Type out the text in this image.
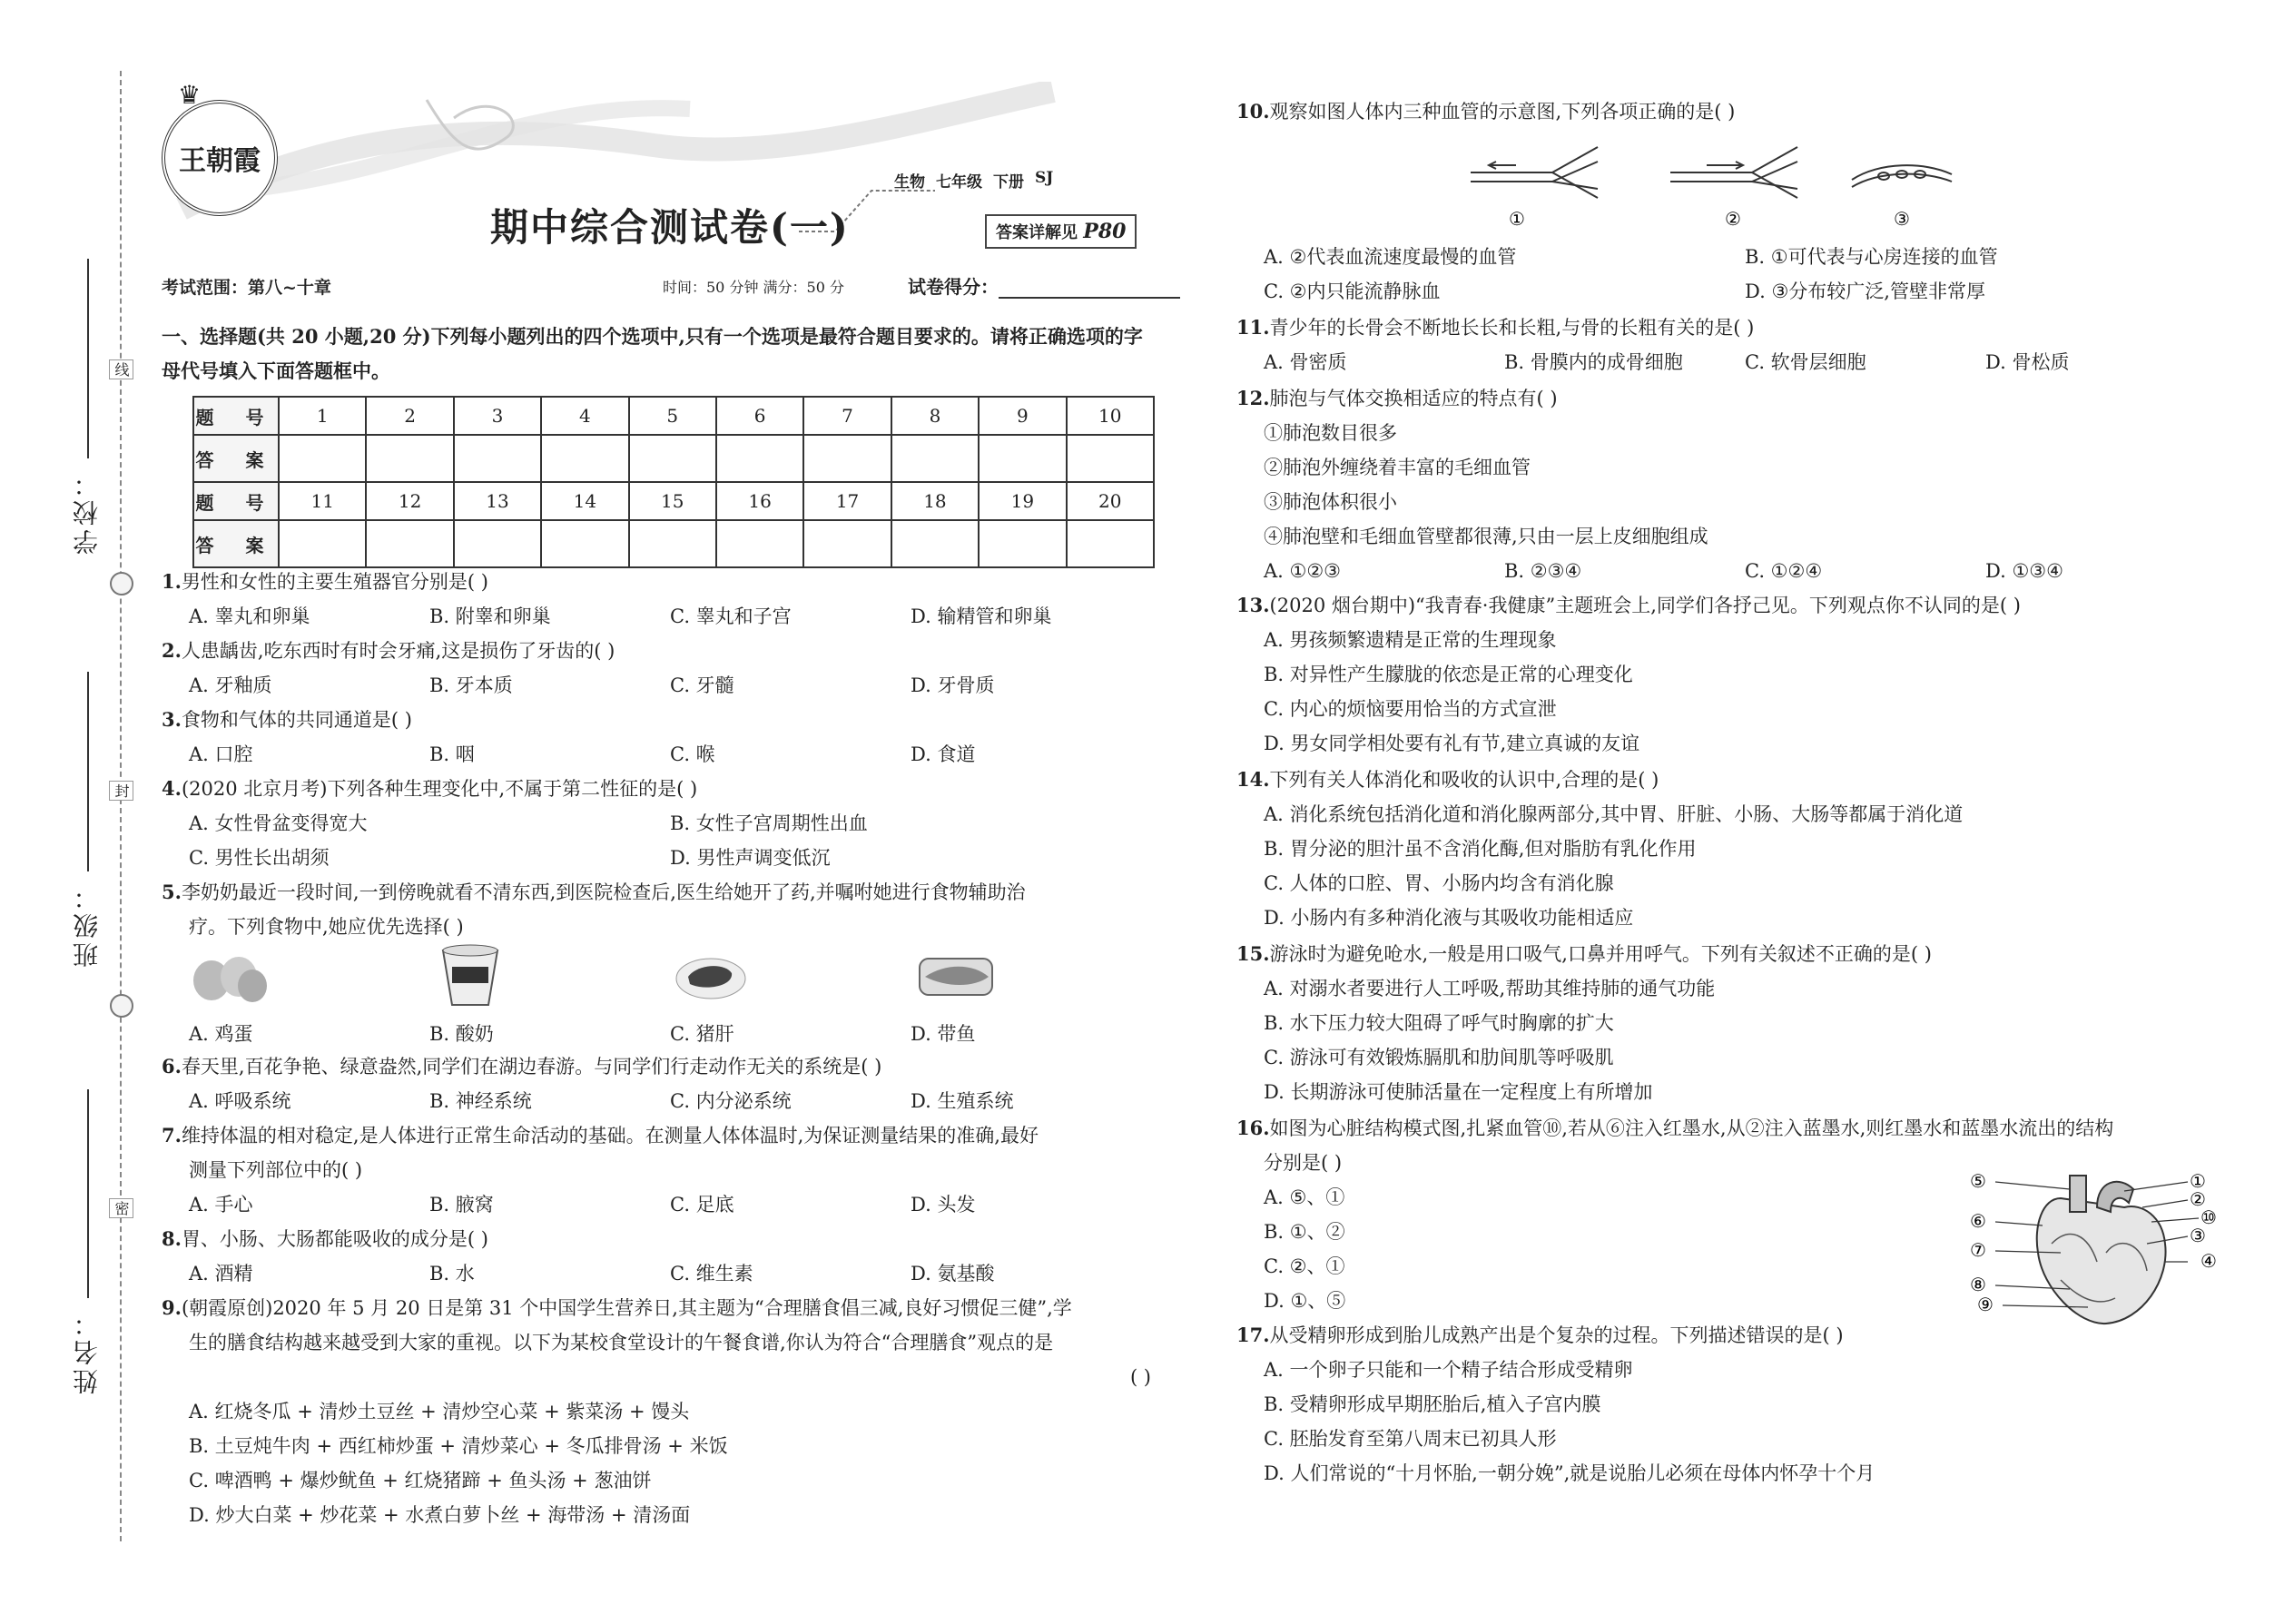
线
封
密
学校：
班级：
姓名：
王朝霞
♛
生物 七年级 下册 SJ
期中综合测试卷(一)	答案详解见 P80
考试范围：第八~十章	时间：50 分钟 满分：50 分	试卷得分：
一、选择题(共 20 小题,20 分)下列每小题列出的四个选项中,只有一个选项是最符合题目要求的。请将正确选项的字母代号填入下面答题框中。
题 号	1	2	3	4	5	6	7	8	9	10
答 案										
题 号	11	12	13	14	15	16	17	18	19	20
答 案										
1.男性和女性的主要生殖器官分别是( )
A. 睾丸和卵巢	B. 附睾和卵巢	C. 睾丸和子宫	D. 输精管和卵巢
2.人患龋齿,吃东西时有时会牙痛,这是损伤了牙齿的( )
A. 牙釉质	B. 牙本质	C. 牙髓	D. 牙骨质
3.食物和气体的共同通道是( )
A. 口腔	B. 咽	C. 喉	D. 食道
4.(2020 北京月考)下列各种生理变化中,不属于第二性征的是( )
A. 女性骨盆变得宽大	B. 女性子宫周期性出血
C. 男性长出胡须	D. 男性声调变低沉
5.李奶奶最近一段时间,一到傍晚就看不清东西,到医院检查后,医生给她开了药,并嘱咐她进行食物辅助治
疗。下列食物中,她应优先选择( )
A. 鸡蛋	B. 酸奶	C. 猪肝	D. 带鱼
6.春天里,百花争艳、绿意盎然,同学们在湖边春游。与同学们行走动作无关的系统是( )
A. 呼吸系统	B. 神经系统	C. 内分泌系统	D. 生殖系统
7.维持体温的相对稳定,是人体进行正常生命活动的基础。在测量人体体温时,为保证测量结果的准确,最好
测量下列部位中的( )
A. 手心	B. 腋窝	C. 足底	D. 头发
8.胃、小肠、大肠都能吸收的成分是( )
A. 酒精	B. 水	C. 维生素	D. 氨基酸
9.(朝霞原创)2020 年 5 月 20 日是第 31 个中国学生营养日,其主题为“合理膳食倡三减,良好习惯促三健”,学
生的膳食结构越来越受到大家的重视。以下为某校食堂设计的午餐食谱,你认为符合“合理膳食”观点的是
( )
A. 红烧冬瓜 + 清炒土豆丝 + 清炒空心菜 + 紫菜汤 + 馒头
B. 土豆炖牛肉 + 西红柿炒蛋 + 清炒菜心 + 冬瓜排骨汤 + 米饭
C. 啤酒鸭 + 爆炒鱿鱼 + 红烧猪蹄 + 鱼头汤 + 葱油饼
D. 炒大白菜 + 炒花菜 + 水煮白萝卜丝 + 海带汤 + 清汤面
10.观察如图人体内三种血管的示意图,下列各项正确的是( )
①	②	③
A. ②代表血流速度最慢的血管	B. ①可代表与心房连接的血管
C. ②内只能流静脉血	D. ③分布较广泛,管壁非常厚
11.青少年的长骨会不断地长长和长粗,与骨的长粗有关的是( )
A. 骨密质	B. 骨膜内的成骨细胞	C. 软骨层细胞	D. 骨松质
12.肺泡与气体交换相适应的特点有( )
①肺泡数目很多
②肺泡外缠绕着丰富的毛细血管
③肺泡体积很小
④肺泡壁和毛细血管壁都很薄,只由一层上皮细胞组成
A. ①②③	B. ②③④	C. ①②④	D. ①③④
13.(2020 烟台期中)“我青春·我健康”主题班会上,同学们各抒己见。下列观点你不认同的是( )
A. 男孩频繁遗精是正常的生理现象
B. 对异性产生朦胧的依恋是正常的心理变化
C. 内心的烦恼要用恰当的方式宣泄
D. 男女同学相处要有礼有节,建立真诚的友谊
14.下列有关人体消化和吸收的认识中,合理的是( )
A. 消化系统包括消化道和消化腺两部分,其中胃、肝脏、小肠、大肠等都属于消化道
B. 胃分泌的胆汁虽不含消化酶,但对脂肪有乳化作用
C. 人体的口腔、胃、小肠内均含有消化腺
D. 小肠内有多种消化液与其吸收功能相适应
15.游泳时为避免呛水,一般是用口吸气,口鼻并用呼气。下列有关叙述不正确的是( )
A. 对溺水者要进行人工呼吸,帮助其维持肺的通气功能
B. 水下压力较大阻碍了呼气时胸廓的扩大
C. 游泳可有效锻炼膈肌和肋间肌等呼吸肌
D. 长期游泳可使肺活量在一定程度上有所增加
16.如图为心脏结构模式图,扎紧血管⑩,若从⑥注入红墨水,从②注入蓝墨水,则红墨水和蓝墨水流出的结构
分别是( )
A. ⑤、①
B. ①、②
C. ②、①
D. ①、⑤
⑤	①
②
⑩
⑥
③
⑦	④
⑧
⑨
17.从受精卵形成到胎儿成熟产出是个复杂的过程。下列描述错误的是( )
A. 一个卵子只能和一个精子结合形成受精卵
B. 受精卵形成早期胚胎后,植入子宫内膜
C. 胚胎发育至第八周末已初具人形
D. 人们常说的“十月怀胎,一朝分娩”,就是说胎儿必须在母体内怀孕十个月
